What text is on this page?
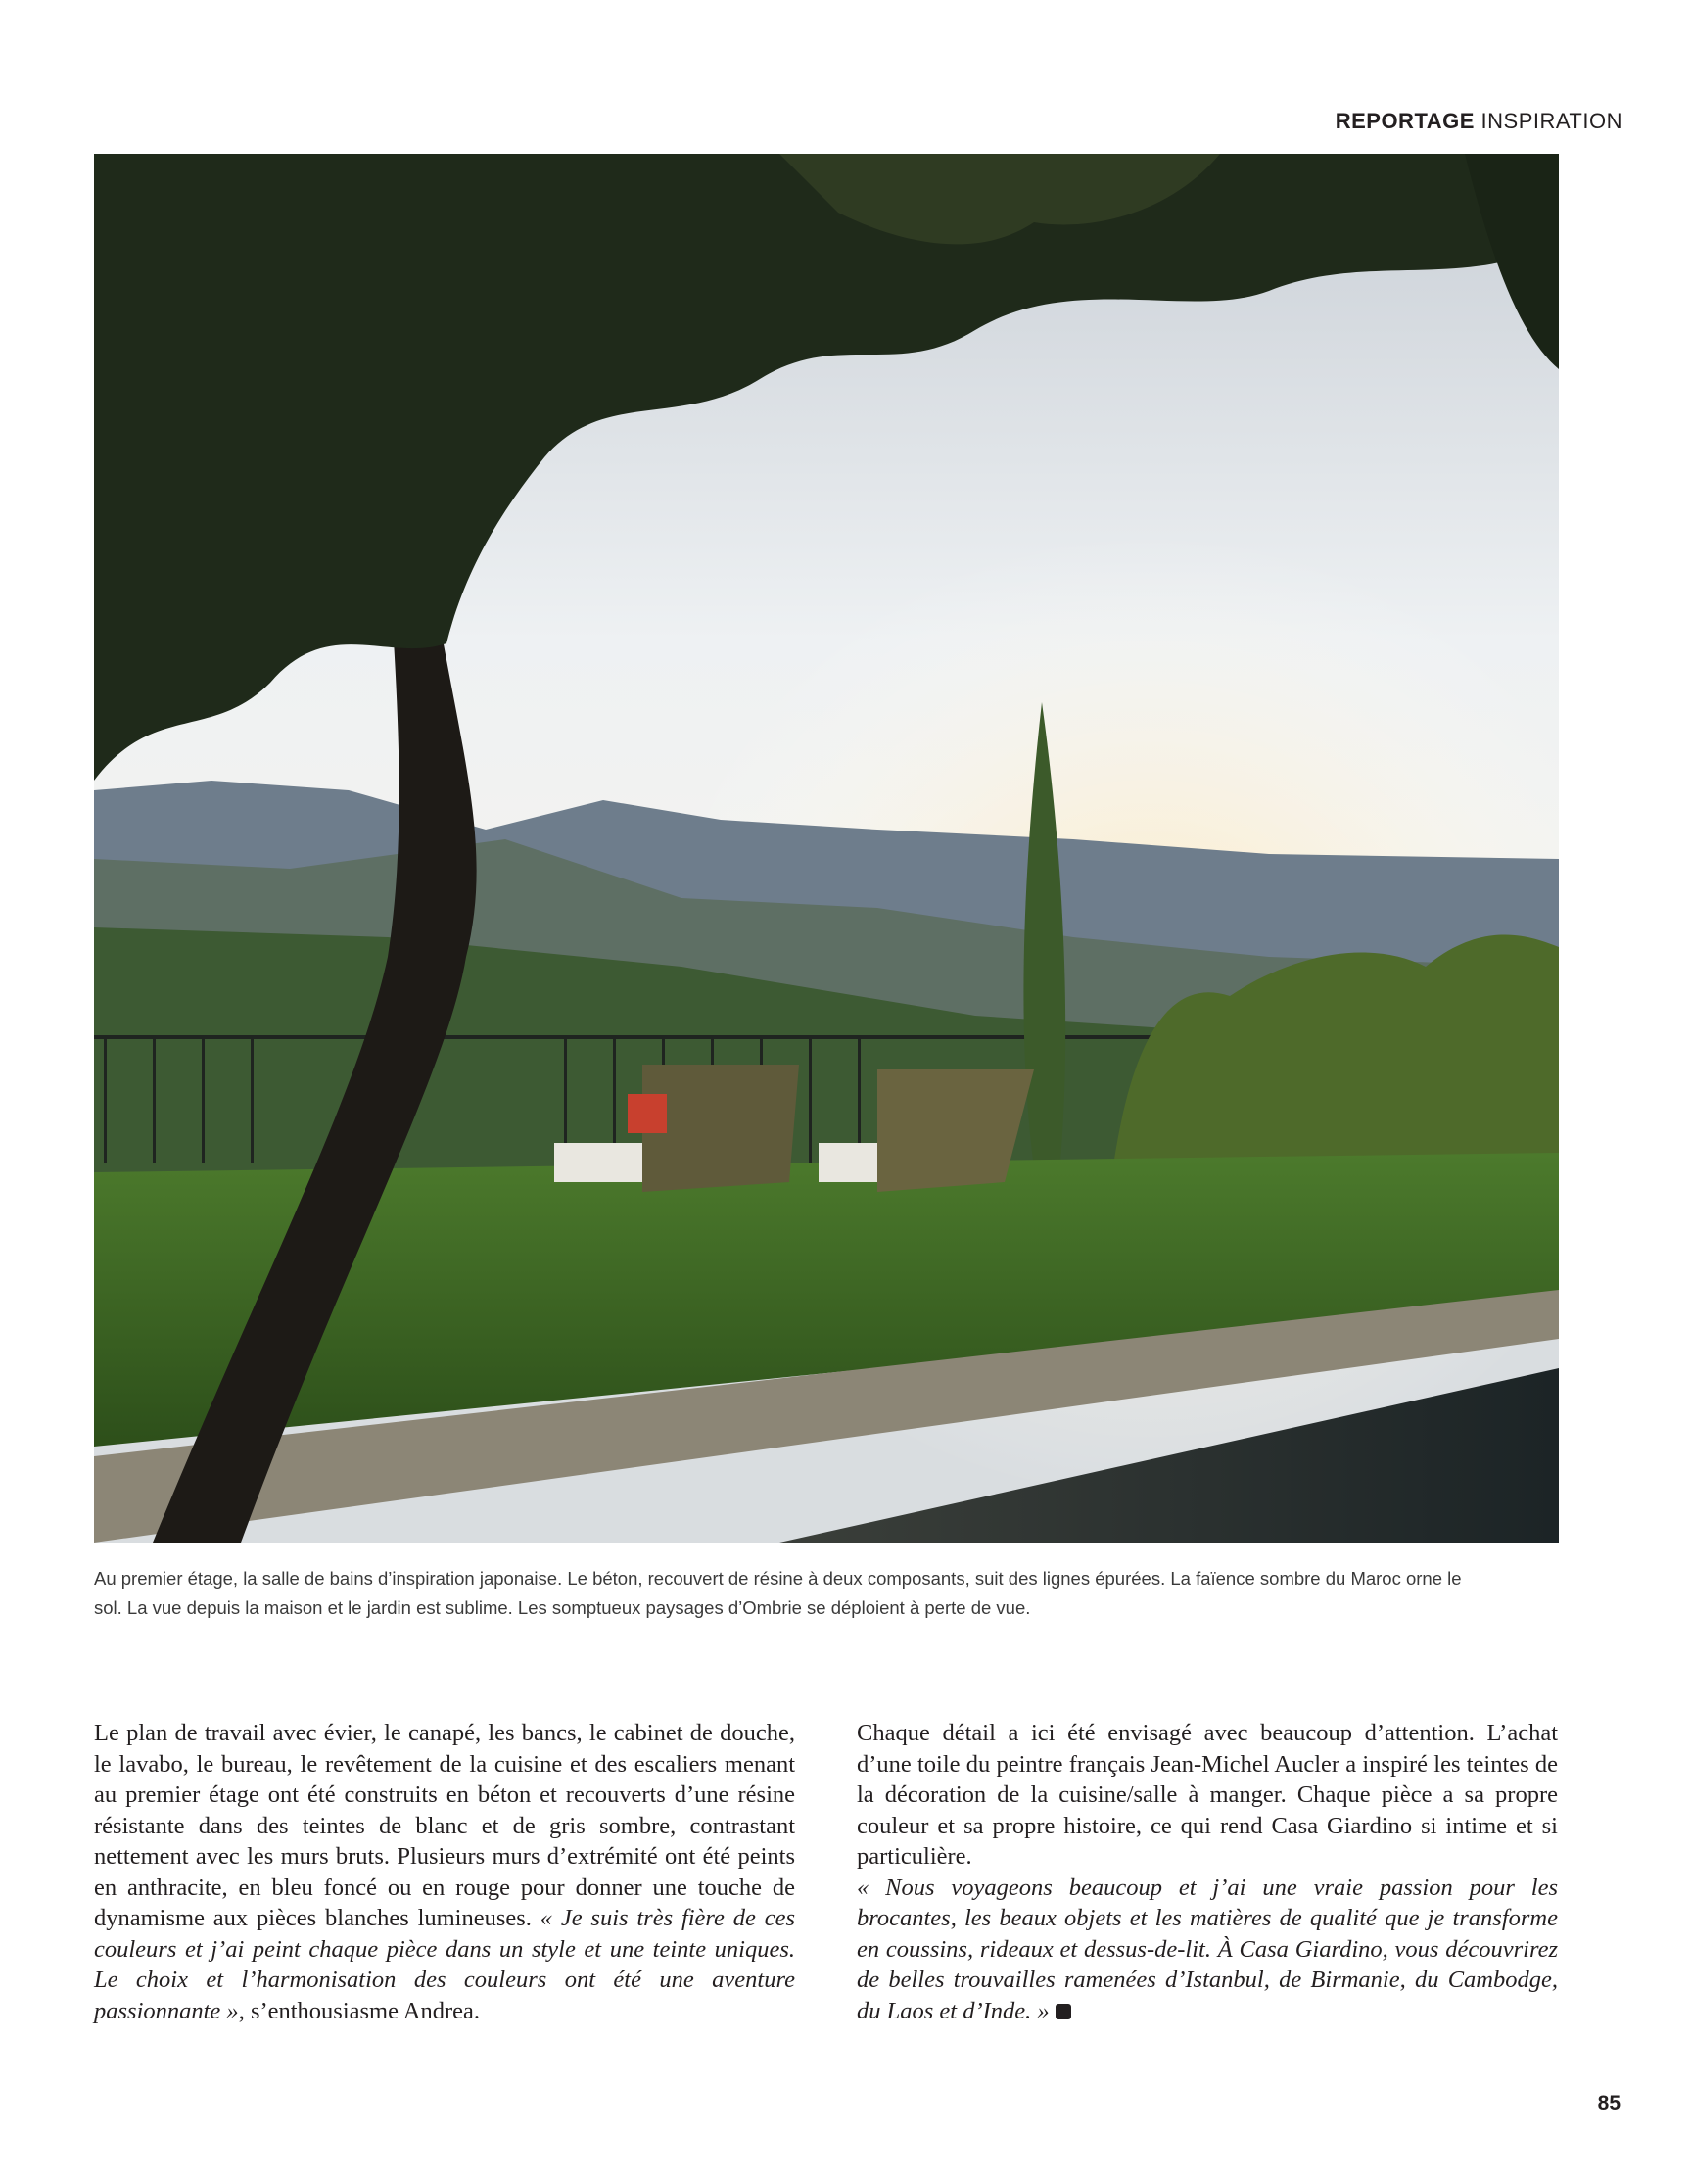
REPORTAGE INSPIRATION
Au premier étage, la salle de bains d’inspiration japonaise. Le béton, recouvert de résine à deux composants, suit des lignes épurées. La faïence sombre du Maroc orne le sol. La vue depuis la maison et le jardin est sublime. Les somptueux paysages d’Ombrie se déploient à perte de vue.

Le plan de travail avec évier, le canapé, les bancs, le cabinet de douche, le lavabo, le bureau, le revêtement de la cuisine et des escaliers menant au premier étage ont été construits en béton et recouverts d’une résine résistante dans des teintes de blanc et de gris sombre, contrastant nettement avec les murs bruts. Plusieurs murs d’extrémité ont été peints en anthracite, en bleu foncé ou en rouge pour donner une touche de dynamisme aux pièces blanches lumineuses. « Je suis très fière de ces couleurs et j’ai peint chaque pièce dans un style et une teinte uniques. Le choix et l’harmonisation des couleurs ont été une aventure passionnante », s’enthousiasme Andrea.

Chaque détail a ici été envisagé avec beaucoup d’attention. L’achat d’une toile du peintre français Jean-Michel Aucler a inspiré les teintes de la décoration de la cuisine/salle à manger. Chaque pièce a sa propre couleur et sa propre histoire, ce qui rend Casa Giardino si intime et si particulière.

« Nous voyageons beaucoup et j’ai une vraie passion pour les brocantes, les beaux objets et les matières de qualité que je transforme en coussins, rideaux et dessus-de-lit. À Casa Giardino, vous découvrirez de belles trouvailles ramenées d’Istanbul, de Birmanie, du Cambodge, du Laos et d’Inde. »

85
